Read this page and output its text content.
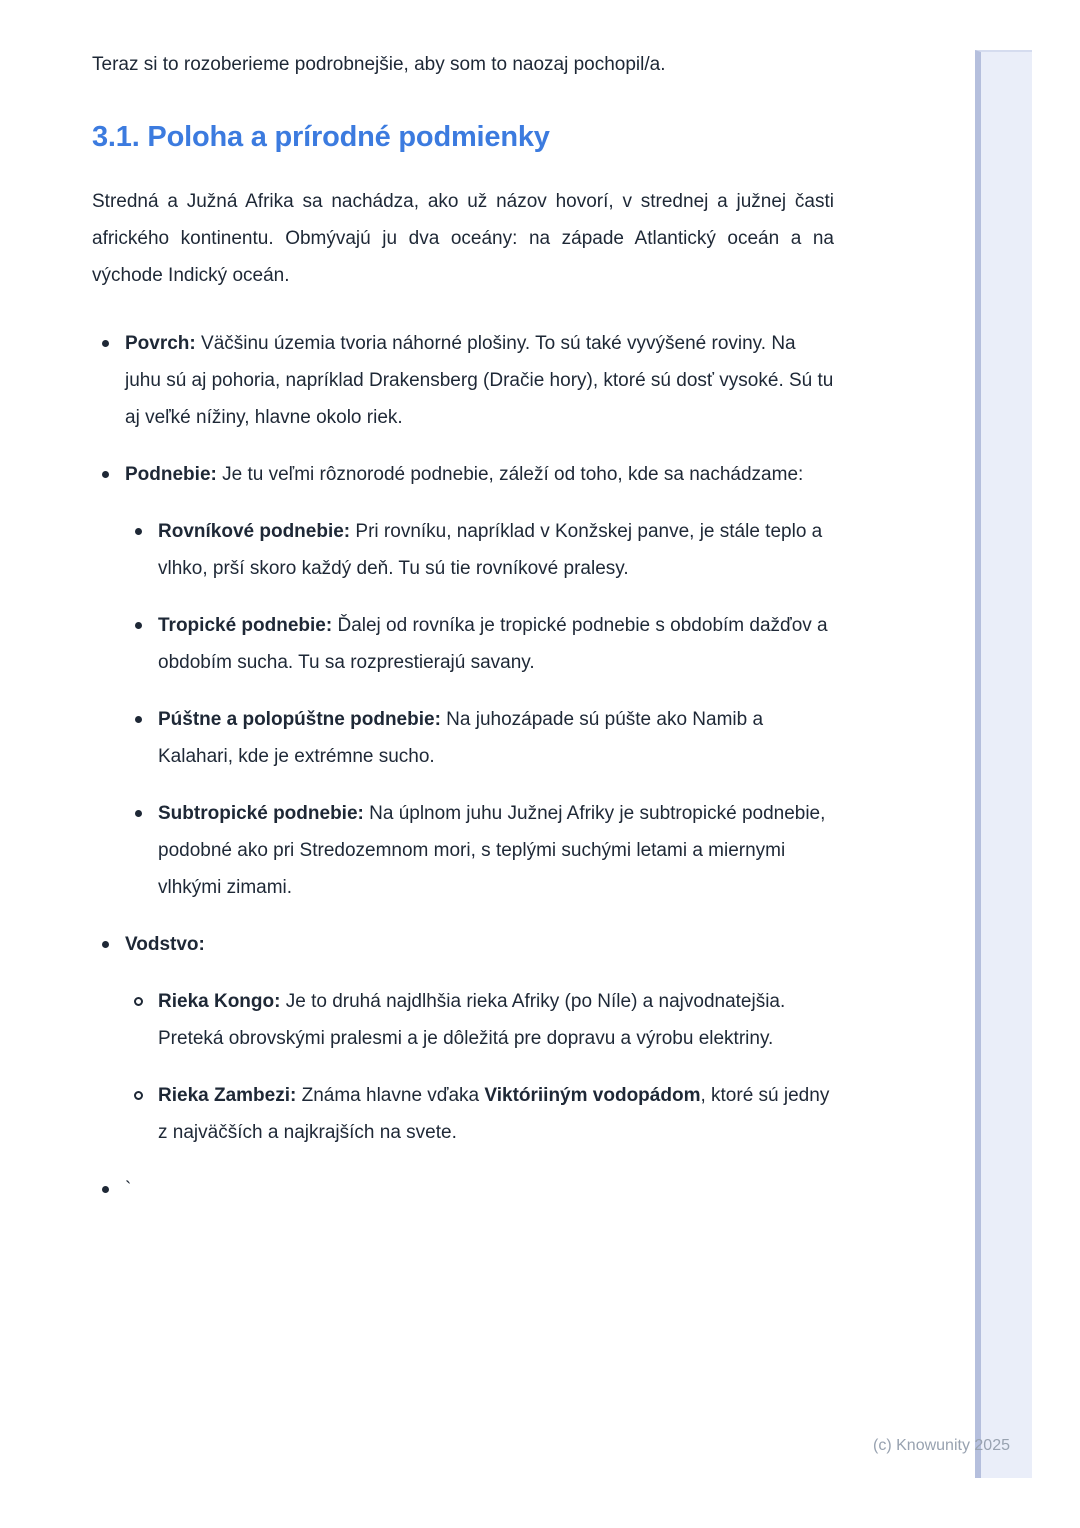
Teraz si to rozoberieme podrobnejšie, aby som to naozaj pochopil/a.

3.1. Poloha a prírodné podmienky

Stredná a Južná Afrika sa nachádza, ako už názov hovorí, v strednej a južnej časti afrického kontinentu. Obmývajú ju dva oceány: na západe Atlantický oceán a na východe Indický oceán.

Povrch: Väčšinu územia tvoria náhorné plošiny. To sú také vyvýšené roviny. Na juhu sú aj pohoria, napríklad Drakensberg (Dračie hory), ktoré sú dosť vysoké. Sú tu aj veľké nížiny, hlavne okolo riek.
Podnebie: Je tu veľmi rôznorodé podnebie, záleží od toho, kde sa nachádzame:
Rovníkové podnebie: Pri rovníku, napríklad v Konžskej panve, je stále teplo a vlhko, prší skoro každý deň. Tu sú tie rovníkové pralesy.
Tropické podnebie: Ďalej od rovníka je tropické podnebie s obdobím dažďov a obdobím sucha. Tu sa rozprestierajú savany.
Púštne a polopúštne podnebie: Na juhozápade sú púšte ako Namib a Kalahari, kde je extrémne sucho.
Subtropické podnebie: Na úplnom juhu Južnej Afriky je subtropické podnebie, podobné ako pri Stredozemnom mori, s teplými suchými letami a miernymi vlhkými zimami.
Vodstvo:
Rieka Kongo: Je to druhá najdlhšia rieka Afriky (po Níle) a najvodnatejšia. Preteká obrovskými pralesmi a je dôležitá pre dopravu a výrobu elektriny.
Rieka Zambezi: Známa hlavne vďaka Viktóriiným vodopádom, ktoré sú jedny z najväčších a najkrajších na svete.
`
(c) Knowunity 2025
